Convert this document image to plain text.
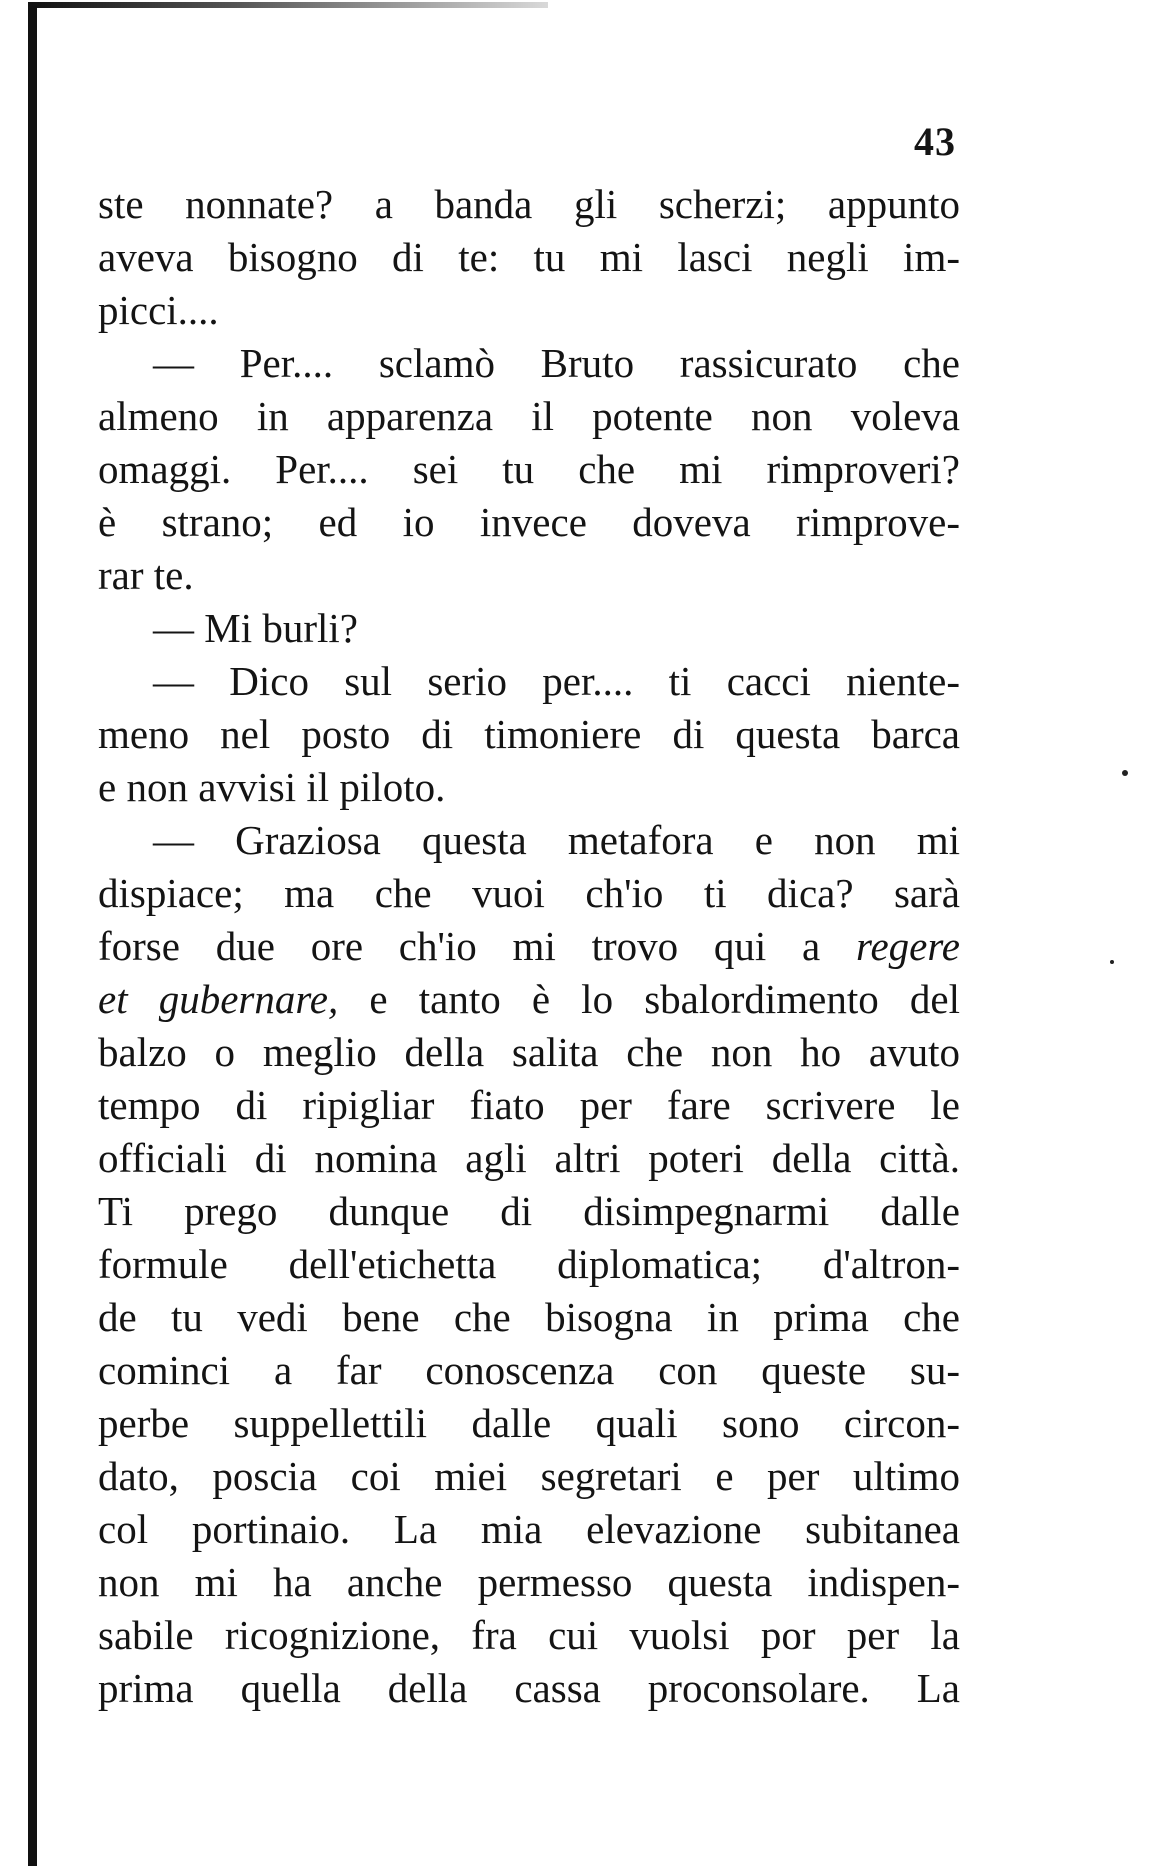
43
ste nonnate? a banda gli scherzi; appunto
aveva bisogno di te: tu mi lasci negli im-
picci....
— Per.... sclamò Bruto rassicurato che
almeno in apparenza il potente non voleva
omaggi. Per.... sei tu che mi rimproveri?
è strano; ed io invece doveva rimprove-
rar te.
— Mi burli?
— Dico sul serio per.... ti cacci niente-
meno nel posto di timoniere di questa barca
e non avvisi il piloto.
— Graziosa questa metafora e non mi
dispiace; ma che vuoi ch'io ti dica? sarà
forse due ore ch'io mi trovo qui a regere
et gubernare, e tanto è lo sbalordimento del
balzo o meglio della salita che non ho avuto
tempo di ripigliar fiato per fare scrivere le
officiali di nomina agli altri poteri della città.
Ti prego dunque di disimpegnarmi dalle
formule dell'etichetta diplomatica; d'altron-
de tu vedi bene che bisogna in prima che
cominci a far conoscenza con queste su-
perbe suppellettili dalle quali sono circon-
dato, poscia coi miei segretari e per ultimo
col portinaio. La mia elevazione subitanea
non mi ha anche permesso questa indispen-
sabile ricognizione, fra cui vuolsi por per la
prima quella della cassa proconsolare. La
